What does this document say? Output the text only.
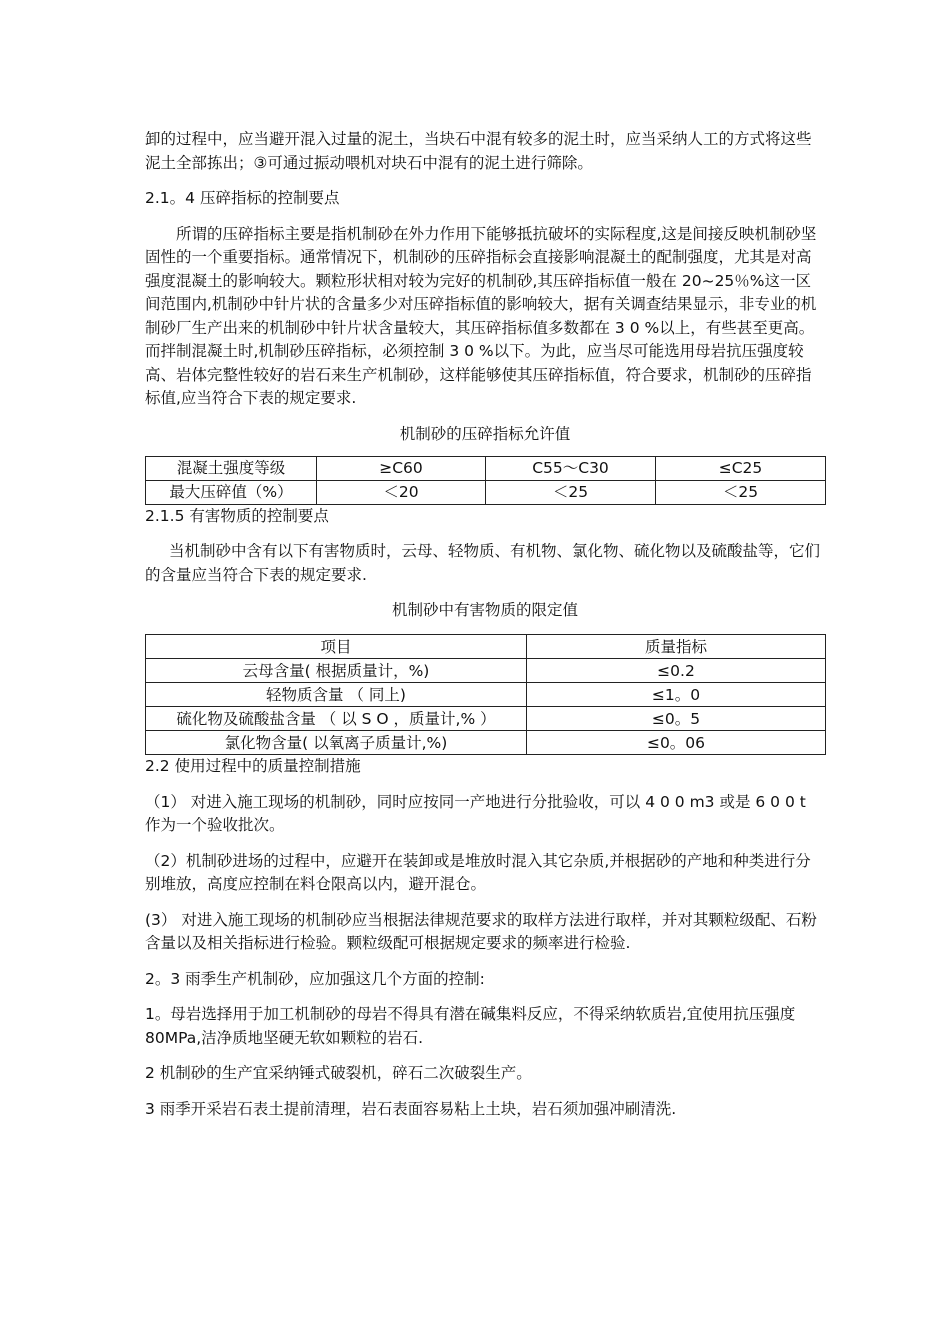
卸的过程中，应当避开混入过量的泥土，当块石中混有较多的泥土时，应当采纳人工的方式将这些泥土全部拣出；③可通过振动喂机对块石中混有的泥土进行筛除。

2.1。4 压碎指标的控制要点

所谓的压碎指标主要是指机制砂在外力作用下能够抵抗破坏的实际程度,这是间接反映机制砂坚固性的一个重要指标。通常情况下，机制砂的压碎指标会直接影响混凝土的配制强度，尤其是对高强度混凝土的影响较大。颗粒形状相对较为完好的机制砂,其压碎指标值一般在 20~25％%这一区间范围内,机制砂中针片状的含量多少对压碎指标值的影响较大，据有关调查结果显示，非专业的机制砂厂生产出来的机制砂中针片状含量较大，其压碎指标值多数都在 3 0 %以上，有些甚至更高。而拌制混凝土时,机制砂压碎指标，必须控制 3 0 %以下。为此，应当尽可能选用母岩抗压强度较高、岩体完整性较好的岩石来生产机制砂，这样能够使其压碎指标值，符合要求，机制砂的压碎指标值,应当符合下表的规定要求.

机制砂的压碎指标允许值
混凝土强度等级	≥C60	C55～C30	≤C25
最大压碎值（%）	＜20	＜25	＜25

2.1.5 有害物质的控制要点

当机制砂中含有以下有害物质时，云母、轻物质、有机物、氯化物、硫化物以及硫酸盐等，它们的含量应当符合下表的规定要求.

机制砂中有害物质的限定值
项目	质量指标
云母含量( 根据质量计，%)	≤0.2
轻物质含量 （ 同上)	≤1。0
硫化物及硫酸盐含量 （ 以 S O ，质量计,% ）	≤0。5
氯化物含量( 以氧离子质量计,%)	≤0。06

2.2 使用过程中的质量控制措施

（1） 对进入施工现场的机制砂，同时应按同一产地进行分批验收，可以 4 0 0 m3 或是 6 0 0 t 作为一个验收批次。

（2）机制砂进场的过程中，应避开在装卸或是堆放时混入其它杂质,并根据砂的产地和种类进行分别堆放，高度应控制在料仓限高以内，避开混仓。

(3） 对进入施工现场的机制砂应当根据法律规范要求的取样方法进行取样，并对其颗粒级配、石粉含量以及相关指标进行检验。颗粒级配可根据规定要求的频率进行检验.

2。3 雨季生产机制砂，应加强这几个方面的控制:

1。母岩选择用于加工机制砂的母岩不得具有潜在碱集料反应，不得采纳软质岩,宜使用抗压强度 80MPa,洁净质地坚硬无软如颗粒的岩石.

2 机制砂的生产宜采纳锤式破裂机，碎石二次破裂生产。

3 雨季开采岩石表土提前清理，岩石表面容易粘上土块，岩石须加强冲刷清洗.
